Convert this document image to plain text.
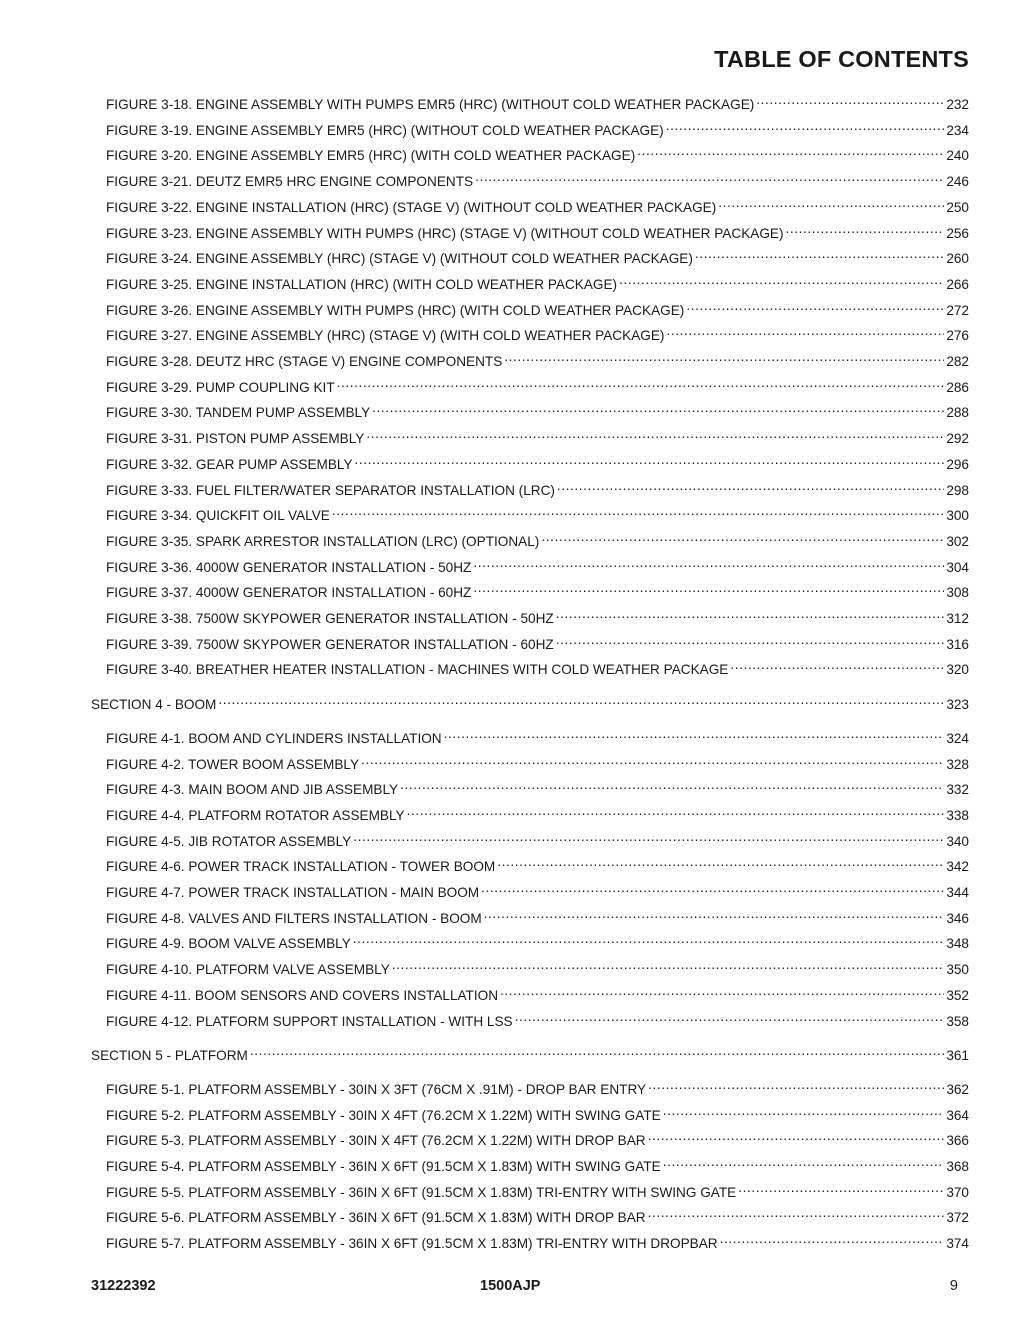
TABLE OF CONTENTS
FIGURE 3-18. ENGINE ASSEMBLY WITH PUMPS EMR5 (HRC) (WITHOUT COLD WEATHER PACKAGE) .....	232
FIGURE 3-19. ENGINE ASSEMBLY EMR5 (HRC) (WITHOUT COLD WEATHER PACKAGE) .....	234
FIGURE 3-20. ENGINE ASSEMBLY EMR5 (HRC) (WITH COLD WEATHER PACKAGE) .....	240
FIGURE 3-21. DEUTZ EMR5 HRC ENGINE COMPONENTS .....	246
FIGURE 3-22. ENGINE INSTALLATION (HRC) (STAGE V) (WITHOUT COLD WEATHER PACKAGE) .....	250
FIGURE 3-23. ENGINE ASSEMBLY WITH PUMPS (HRC) (STAGE V) (WITHOUT COLD WEATHER PACKAGE) .....	256
FIGURE 3-24. ENGINE ASSEMBLY (HRC) (STAGE V) (WITHOUT COLD WEATHER PACKAGE) .....	260
FIGURE 3-25. ENGINE INSTALLATION (HRC) (WITH COLD WEATHER PACKAGE) .....	266
FIGURE 3-26. ENGINE ASSEMBLY WITH PUMPS (HRC) (WITH COLD WEATHER PACKAGE) .....	272
FIGURE 3-27. ENGINE ASSEMBLY (HRC) (STAGE V) (WITH COLD WEATHER PACKAGE) .....	276
FIGURE 3-28. DEUTZ HRC (STAGE V) ENGINE COMPONENTS .....	282
FIGURE 3-29. PUMP COUPLING KIT .....	286
FIGURE 3-30. TANDEM PUMP ASSEMBLY .....	288
FIGURE 3-31. PISTON PUMP ASSEMBLY .....	292
FIGURE 3-32. GEAR PUMP ASSEMBLY .....	296
FIGURE 3-33. FUEL FILTER/WATER SEPARATOR INSTALLATION (LRC) .....	298
FIGURE 3-34. QUICKFIT OIL VALVE .....	300
FIGURE 3-35. SPARK ARRESTOR INSTALLATION (LRC) (OPTIONAL) .....	302
FIGURE 3-36. 4000W GENERATOR INSTALLATION - 50HZ .....	304
FIGURE 3-37. 4000W GENERATOR INSTALLATION - 60HZ .....	308
FIGURE 3-38. 7500W SKYPOWER GENERATOR INSTALLATION - 50HZ .....	312
FIGURE 3-39. 7500W SKYPOWER GENERATOR INSTALLATION - 60HZ .....	316
FIGURE 3-40. BREATHER HEATER INSTALLATION - MACHINES WITH COLD WEATHER PACKAGE .....	320
SECTION 4 - BOOM .....	323
FIGURE 4-1. BOOM AND CYLINDERS INSTALLATION .....	324
FIGURE 4-2. TOWER BOOM ASSEMBLY .....	328
FIGURE 4-3. MAIN BOOM AND JIB ASSEMBLY .....	332
FIGURE 4-4. PLATFORM ROTATOR ASSEMBLY .....	338
FIGURE 4-5. JIB ROTATOR ASSEMBLY .....	340
FIGURE 4-6. POWER TRACK INSTALLATION - TOWER BOOM .....	342
FIGURE 4-7. POWER TRACK INSTALLATION - MAIN BOOM .....	344
FIGURE 4-8. VALVES AND FILTERS INSTALLATION - BOOM .....	346
FIGURE 4-9. BOOM VALVE ASSEMBLY .....	348
FIGURE 4-10. PLATFORM VALVE ASSEMBLY .....	350
FIGURE 4-11. BOOM SENSORS AND COVERS INSTALLATION .....	352
FIGURE 4-12. PLATFORM SUPPORT INSTALLATION - WITH LSS .....	358
SECTION 5 - PLATFORM .....	361
FIGURE 5-1. PLATFORM ASSEMBLY - 30IN X 3FT (76CM X .91M) - DROP BAR ENTRY .....	362
FIGURE 5-2. PLATFORM ASSEMBLY - 30IN X 4FT (76.2CM X 1.22M) WITH SWING GATE .....	364
FIGURE 5-3. PLATFORM ASSEMBLY - 30IN X 4FT (76.2CM X 1.22M) WITH DROP BAR .....	366
FIGURE 5-4. PLATFORM ASSEMBLY - 36IN X 6FT (91.5CM X 1.83M) WITH SWING GATE .....	368
FIGURE 5-5. PLATFORM ASSEMBLY - 36IN X 6FT (91.5CM X 1.83M) TRI-ENTRY WITH SWING GATE .....	370
FIGURE 5-6. PLATFORM ASSEMBLY - 36IN X 6FT (91.5CM X 1.83M) WITH DROP BAR .....	372
FIGURE 5-7. PLATFORM ASSEMBLY - 36IN X 6FT (91.5CM X 1.83M) TRI-ENTRY WITH DROPBAR .....	374
31222392	1500AJP	9
